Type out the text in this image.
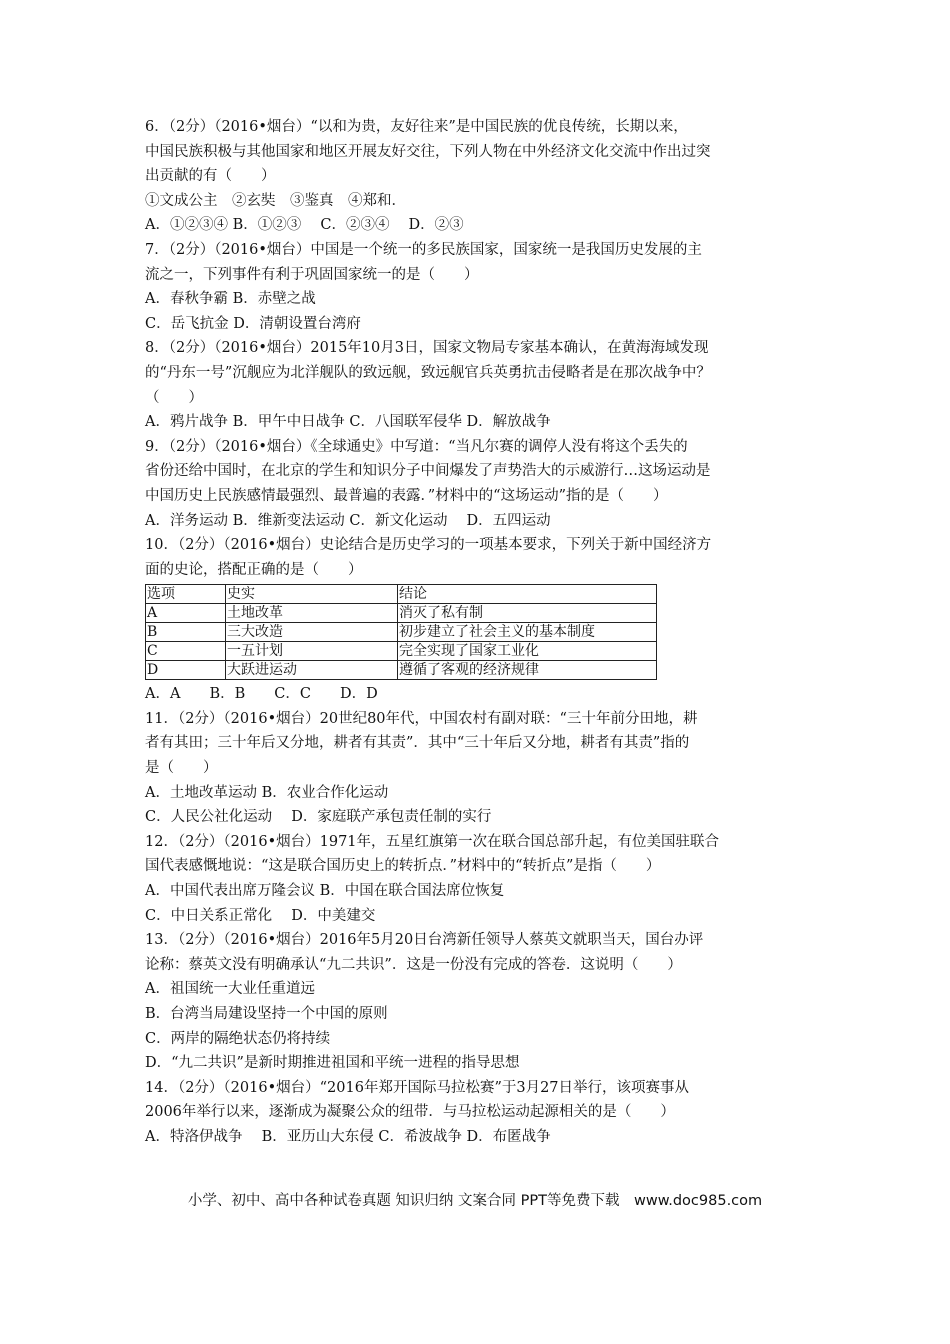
6．（2分）（2016•烟台）“以和为贵，友好往来”是中国民族的优良传统，长期以来，
中国民族积极与其他国家和地区开展友好交往，下列人物在中外经济文化交流中作出过突
出贡献的有（　　）
①文成公主　②玄奘　③鉴真　④郑和．
A．①②③④ B．①②③　 C．②③④　 D．②③
7．（2分）（2016•烟台）中国是一个统一的多民族国家，国家统一是我国历史发展的主
流之一，下列事件有利于巩固国家统一的是（　　）
A．春秋争霸 B．赤壁之战
C．岳飞抗金 D．清朝设置台湾府
8．（2分）（2016•烟台）2015年10月3日，国家文物局专家基本确认，在黄海海域发现
的“丹东一号”沉舰应为北洋舰队的致远舰，致远舰官兵英勇抗击侵略者是在那次战争中？
（　　）
A．鸦片战争 B．甲午中日战争 C．八国联军侵华 D．解放战争
9．（2分）（2016•烟台）《全球通史》中写道：“当凡尔赛的调停人没有将这个丢失的
省份还给中国时，在北京的学生和知识分子中间爆发了声势浩大的示威游行…这场运动是
中国历史上民族感情最强烈、最普遍的表露．”材料中的“这场运动”指的是（　　）
A．洋务运动 B．维新变法运动 C．新文化运动　 D．五四运动
10．（2分）（2016•烟台）史论结合是历史学习的一项基本要求，下列关于新中国经济方
面的史论，搭配正确的是（　　）
选项	史实	结论
A	土地改革	消灭了私有制
B	三大改造	初步建立了社会主义的基本制度
C	一五计划	完全实现了国家工业化
D	大跃进运动	遵循了客观的经济规律
A．A　　B．B　　C．C　　D．D
11．（2分）（2016•烟台）20世纪80年代，中国农村有副对联：“三十年前分田地，耕
者有其田；三十年后又分地，耕者有其责”．其中“三十年后又分地，耕者有其责”指的
是（　　）
A．土地改革运动 B．农业合作化运动
C．人民公社化运动　 D．家庭联产承包责任制的实行
12．（2分）（2016•烟台）1971年，五星红旗第一次在联合国总部升起，有位美国驻联合
国代表感慨地说：“这是联合国历史上的转折点．”材料中的“转折点”是指（　　）
A．中国代表出席万隆会议 B．中国在联合国法席位恢复
C．中日关系正常化　 D．中美建交
13．（2分）（2016•烟台）2016年5月20日台湾新任领导人蔡英文就职当天，国台办评
论称：蔡英文没有明确承认“九二共识”．这是一份没有完成的答卷．这说明（　　）
A．祖国统一大业任重道远
B．台湾当局建设坚持一个中国的原则
C．两岸的隔绝状态仍将持续
D．“九二共识”是新时期推进祖国和平统一进程的指导思想
14．（2分）（2016•烟台）“2016年郑开国际马拉松赛”于3月27日举行，该项赛事从
2006年举行以来，逐渐成为凝聚公众的纽带．与马拉松运动起源相关的是（　　）
A．特洛伊战争　 B．亚历山大东侵 C．希波战争 D．布匿战争
小学、初中、高中各种试卷真题 知识归纳 文案合同 PPT等免费下载　www.doc985.com
